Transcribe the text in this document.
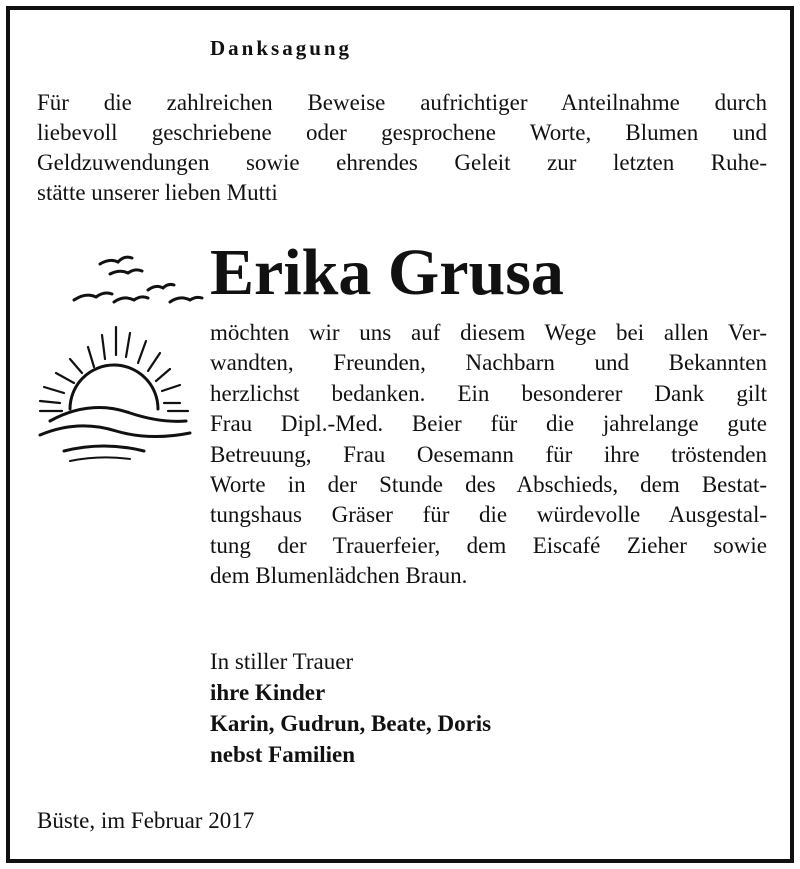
Danksagung
Für die zahlreichen Beweise aufrichtiger Anteilnahme durch
liebevoll geschriebene oder gesprochene Worte, Blumen und
Geldzuwendungen sowie ehrendes Geleit zur letzten Ruhe-
stätte unserer lieben Mutti
Erika Grusa
möchten wir uns auf diesem Wege bei allen Ver-
wandten, Freunden, Nachbarn und Bekannten
herzlichst bedanken. Ein besonderer Dank gilt
Frau Dipl.-Med. Beier für die jahrelange gute
Betreuung, Frau Oesemann für ihre tröstenden
Worte in der Stunde des Abschieds, dem Bestat-
tungshaus Gräser für die würdevolle Ausgestal-
tung der Trauerfeier, dem Eiscafé Zieher sowie
dem Blumenlädchen Braun.
In stiller Trauer
ihre Kinder
Karin, Gudrun, Beate, Doris
nebst Familien
Büste, im Februar 2017
